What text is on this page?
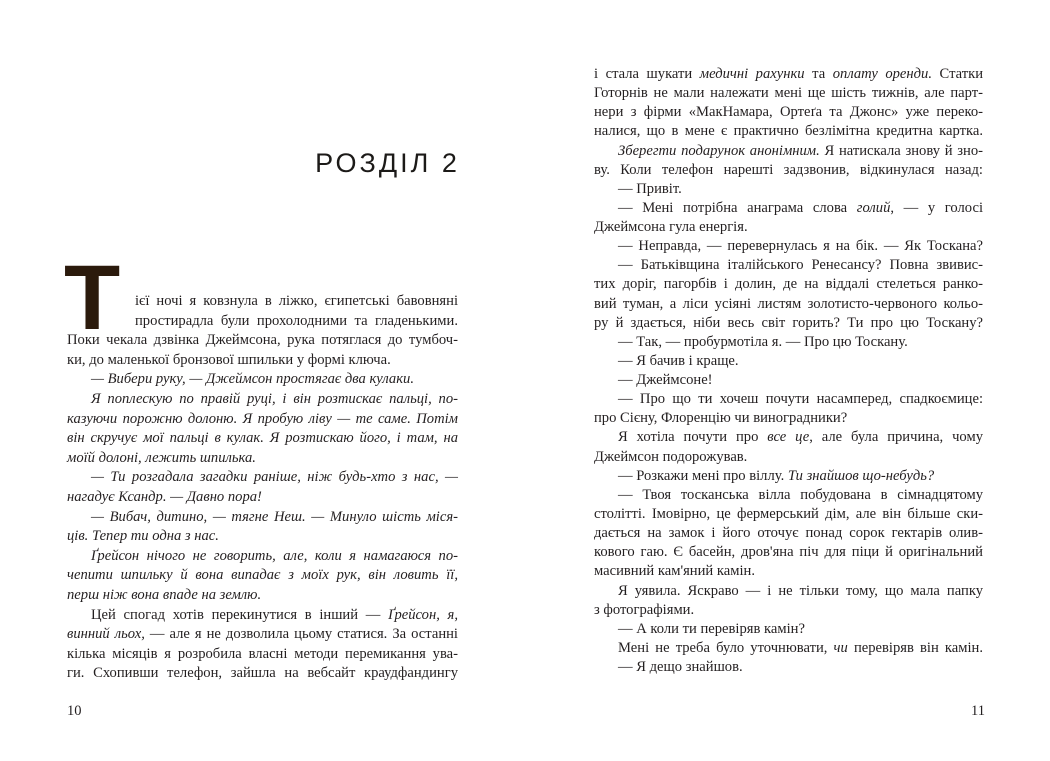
РОЗДІЛ 2
Т ієї ночі я ковзнула в ліжко, єгипетські бавовняні
простирадла були прохолодними та гладенькими.
Поки чекала дзвінка Джеймсона, рука потяглася до тумбоч-
ки, до маленької бронзової шпильки у формі ключа.
— Вибери руку, — Джеймсон простягає два кулаки.
Я поплескую по правій руці, і він розтискає пальці, по-
казуючи порожню долоню. Я пробую ліву — те саме. Потім
він скручує мої пальці в кулак. Я розтискаю його, і там, на
моїй долоні, лежить шпилька.
— Ти розгадала загадки раніше, ніж будь-хто з нас, —
нагадує Ксандр. — Давно пора!
— Вибач, дитино, — тягне Неш. — Минуло шість міся-
ців. Тепер ти одна з нас.
Ґрейсон нічого не говорить, але, коли я намагаюся по-
чепити шпильку й вона випадає з моїх рук, він ловить її,
перш ніж вона впаде на землю.
Цей спогад хотів перекинутися в інший — Ґрейсон, я,
винний льох, — але я не дозволила цьому статися. За останні
кілька місяців я розробила власні методи перемикання ува-
ги. Схопивши телефон, зайшла на вебсайт краудфандингу
10
і стала шукати медичні рахунки та оплату оренди. Статки
Готорнів не мали належати мені ще шість тижнів, але парт-
нери з фірми «МакНамара, Ортеґа та Джонс» уже переко-
налися, що в мене є практично безлімітна кредитна картка.
Зберегти подарунок анонімним. Я натискала знову й зно-
ву. Коли телефон нарешті задзвонив, відкинулася назад:
— Привіт.
— Мені потрібна анаграма слова голий, — у голосі
Джеймсона гула енергія.
— Неправда, — перевернулась я на бік. — Як Тоскана?
— Батьківщина італійського Ренесансу? Повна звивис-
тих доріг, пагорбів і долин, де на віддалі стелеться ранко-
вий туман, а ліси усіяні листям золотисто-червоного кольо-
ру й здається, ніби весь світ горить? Ти про цю Тоскану?
— Так, — пробурмотіла я. — Про цю Тоскану.
— Я бачив і краще.
— Джеймсоне!
— Про що ти хочеш почути насамперед, спадкоємице:
про Сієну, Флоренцію чи виноградники?
Я хотіла почути про все це, але була причина, чому
Джеймсон подорожував.
— Розкажи мені про віллу. Ти знайшов що-небудь?
— Твоя тосканська вілла побудована в сімнадцятому
столітті. Імовірно, це фермерський дім, але він більше ски-
дається на замок і його оточує понад сорок гектарів олив-
кового гаю. Є басейн, дров'яна піч для піци й оригінальний
масивний кам'яний камін.
Я уявила. Яскраво — і не тільки тому, що мала папку
з фотографіями.
— А коли ти перевіряв камін?
Мені не треба було уточнювати, чи перевіряв він камін.
— Я дещо знайшов.
11
